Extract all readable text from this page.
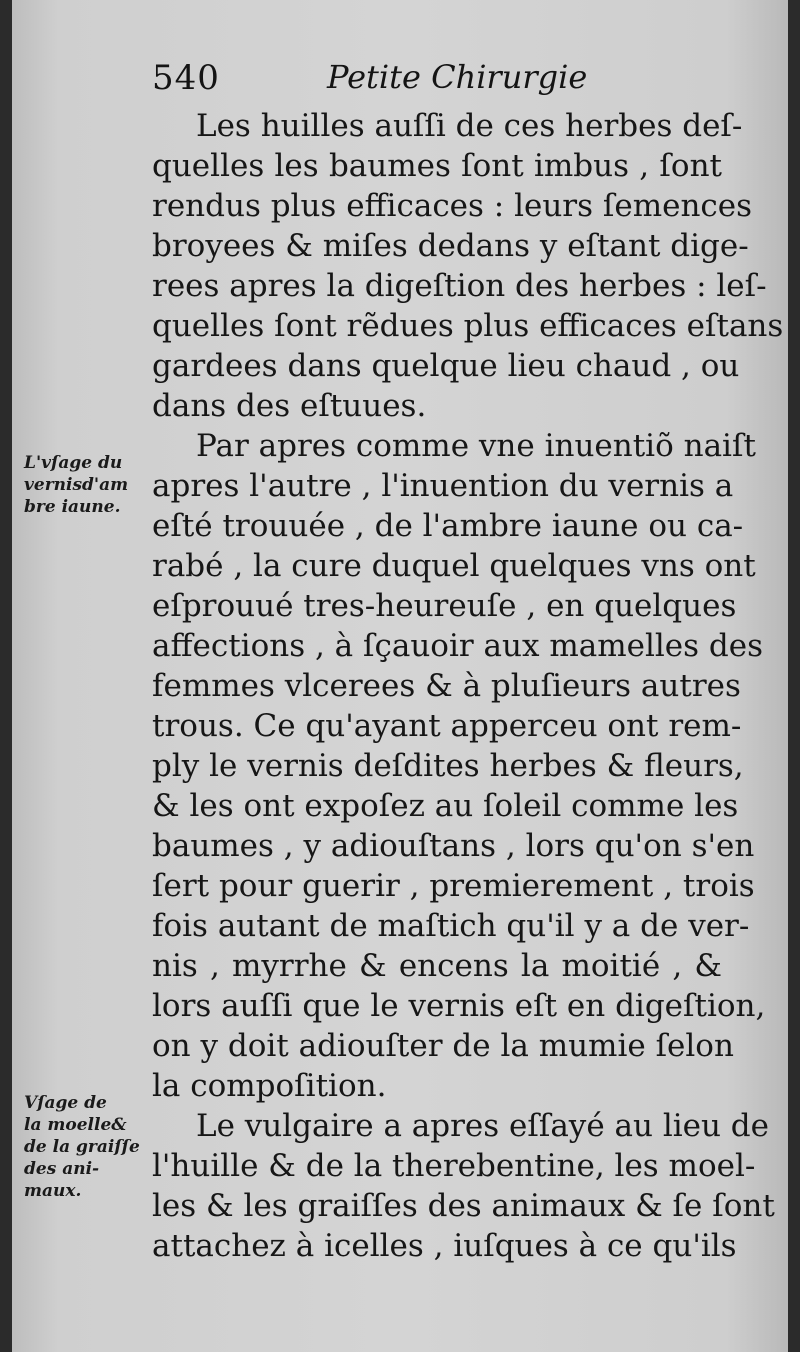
540	Petite Chirurgie
Les huilles auſſi de ces herbes deſ-
quelles les baumes ſont imbus , ſont
rendus plus efficaces : leurs ſemences
broyees & miſes dedans y eſtant dige-
rees apres la digeſtion des herbes : leſ-
quelles ſont rẽdues plus efficaces eſtans
gardees dans quelque lieu chaud , ou
dans des eſtuues.
Par apres comme vne inuentiõ naiſt
apres l'autre , l'inuention du vernis a
eſté trouuée , de l'ambre iaune ou ca-
rabé , la cure duquel quelques vns ont
eſprouué tres-heureuſe , en quelques
affections , à ſçauoir aux mamelles des
femmes vlcerees & à pluſieurs autres
trous. Ce qu'ayant apperceu ont rem-
ply le vernis deſdites herbes & fleurs,
& les ont expoſez au ſoleil comme les
baumes , y adiouſtans , lors qu'on s'en
ſert pour guerir , premierement , trois
fois autant de maſtich qu'il y a de ver-
nis , myrrhe & encens la moitié , &
lors auſſi que le vernis eſt en digeſtion,
on y doit adiouſter de la mumie ſelon
la compoſition.
Le vulgaire a apres eſſayé au lieu de
l'huille & de la therebentine, les moel-
les & les graiſſes des animaux & ſe ſont
attachez à icelles , iuſques à ce qu'ils
L'vſage du
vernisd'am
bre iaune.
Vſage de
la moelle&
de la graiſſe
des ani-
maux.
